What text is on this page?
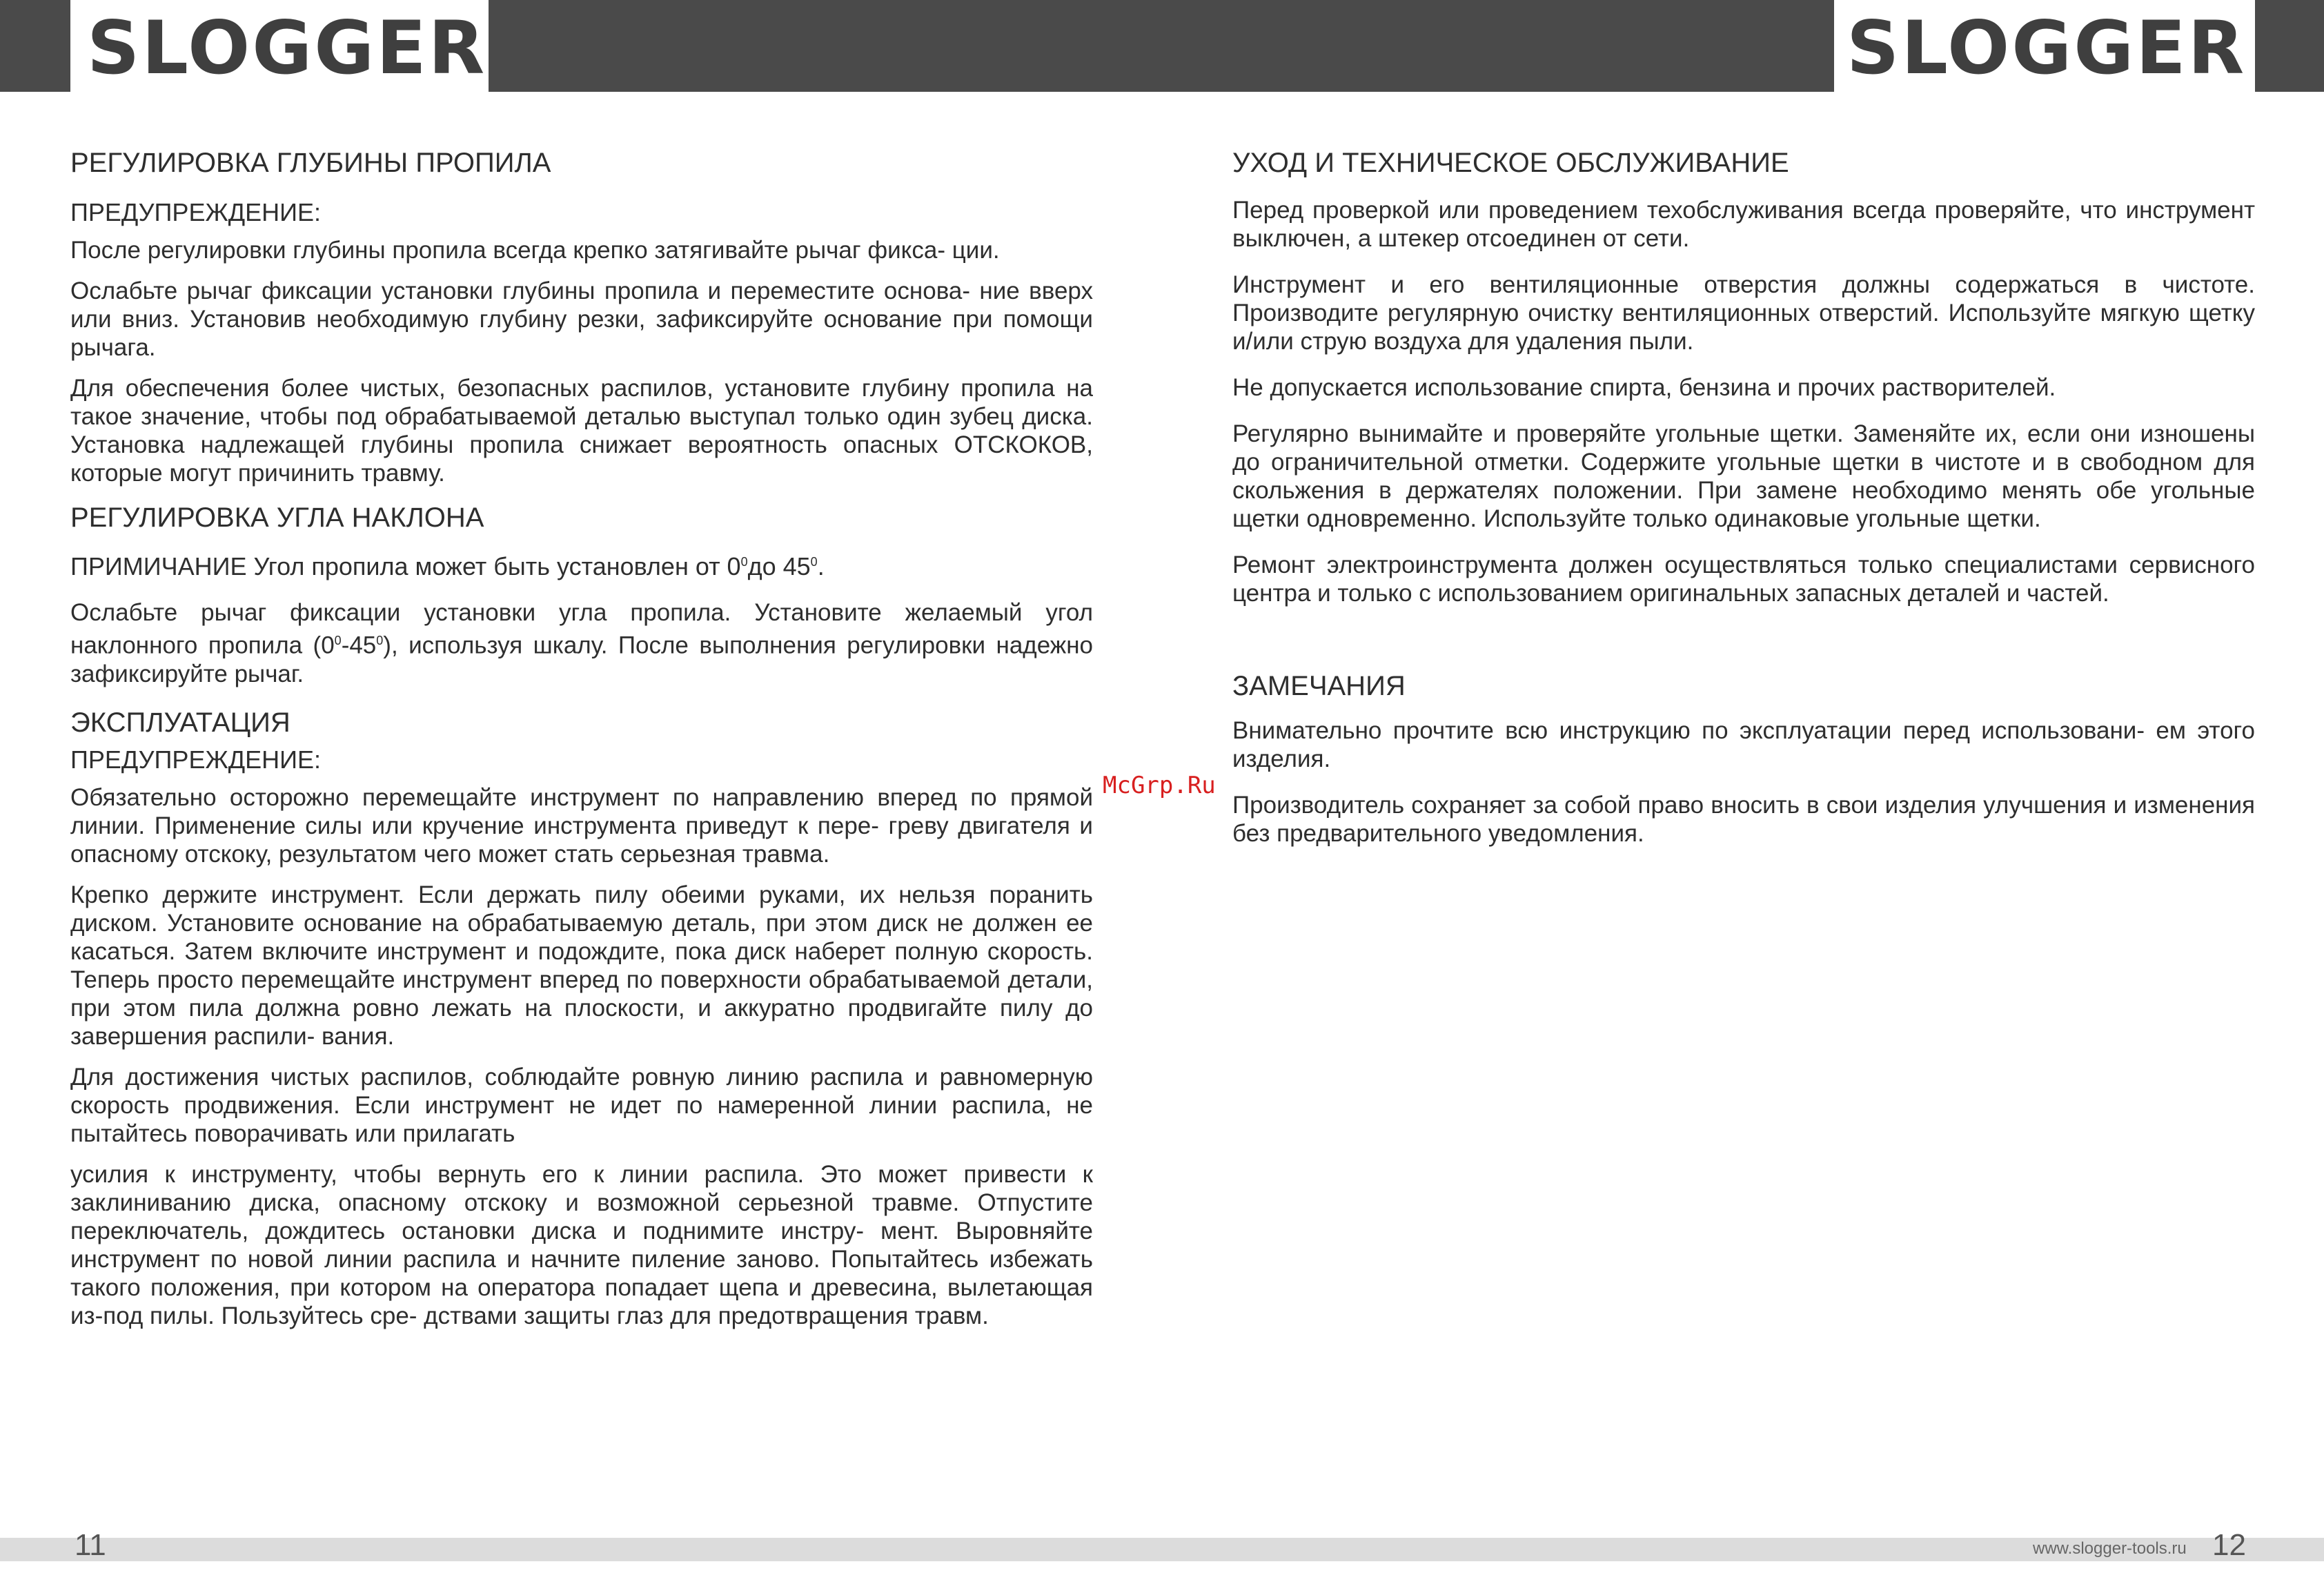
SLOGGER	SLOGGER
РЕГУЛИРОВКА ГЛУБИНЫ ПРОПИЛА
ПРЕДУПРЕЖДЕНИЕ:

После регулировки глубины пропила всегда крепко затягивайте рычаг фикса- ции.

Ослабьте рычаг фиксации установки глубины пропила и переместите основа- ние вверх или вниз. Установив необходимую глубину резки, зафиксируйте основание при помощи рычага.

Для обеспечения более чистых, безопасных распилов, установите глубину пропила на такое значение, чтобы под обрабатываемой деталью выступал только один зубец диска. Установка надлежащей глубины пропила снижает вероятность опасных ОТСКОКОВ, которые могут причинить травму.

РЕГУЛИРОВКА УГЛА НАКЛОНА

ПРИМИЧАНИЕ Угол пропила может быть установлен от $0^0до$ $45^0$.

Ослабьте рычаг фиксации установки угла пропила. Установите желаемый угол наклонного пропила $(0^0-45^0)$, используя шкалу. После выполнения регулировки надежно зафиксируйте рычаг.

ЭКСПЛУАТАЦИЯ
ПРЕДУПРЕЖДЕНИЕ:

Обязательно осторожно перемещайте инструмент по направлению вперед по прямой линии. Применение силы или кручение инструмента приведут к пере- греву двигателя и опасному отскоку, результатом чего может стать серьезная травма.

Крепко держите инструмент. Если держать пилу обеими руками, их нельзя поранить диском. Установите основание на обрабатываемую деталь, при этом диск не должен ее касаться. Затем включите инструмент и подождите, пока диск наберет полную скорость. Теперь просто перемещайте инструмент вперед по поверхности обрабатываемой детали, при этом пила должна ровно лежать на плоскости, и аккуратно продвигайте пилу до завершения распили- вания.

Для достижения чистых распилов, соблюдайте ровную линию распила и равномерную скорость продвижения. Если инструмент не идет по намеренной линии распила, не пытайтесь поворачивать или прилагать

усилия к инструменту, чтобы вернуть его к линии распила. Это может привести к заклиниванию диска, опасному отскоку и возможной серьезной травме. Отпустите переключатель, дождитесь остановки диска и поднимите инстру- мент. Выровняйте инструмент по новой линии распила и начните пиление заново. Попытайтесь избежать такого положения, при котором на оператора попадает щепа и древесина, вылетающая из-под пилы. Пользуйтесь сре- дствами защиты глаз для предотвращения травм.

УХОД И ТЕХНИЧЕСКОЕ ОБСЛУЖИВАНИЕ

Перед проверкой или проведением техобслуживания всегда проверяйте, что инструмент выключен, а штекер отсоединен от сети.

Инструмент и его вентиляционные отверстия должны содержаться в чистоте. Производите регулярную очистку вентиляционных отверстий. Используйте мягкую щетку и/или струю воздуха для удаления пыли.

Не допускается использование спирта, бензина и прочих растворителей.

Регулярно вынимайте и проверяйте угольные щетки. Заменяйте их, если они изношены до ограничительной отметки. Содержите угольные щетки в чистоте и в свободном для скольжения в держателях положении. При замене необходимо менять обе угольные щетки одновременно. Используйте только одинаковые угольные щетки.

Ремонт электроинструмента должен осуществляться только специалистами сервисного центра и только с использованием оригинальных запасных деталей и частей.

ЗАМЕЧАНИЯ

Внимательно прочтите всю инструкцию по эксплуатации перед использовани- ем этого изделия.

Производитель сохраняет за собой право вносить в свои изделия улучшения и изменения без предварительного уведомления.

McGrp.Ru
11	www.slogger-tools.ru 12
